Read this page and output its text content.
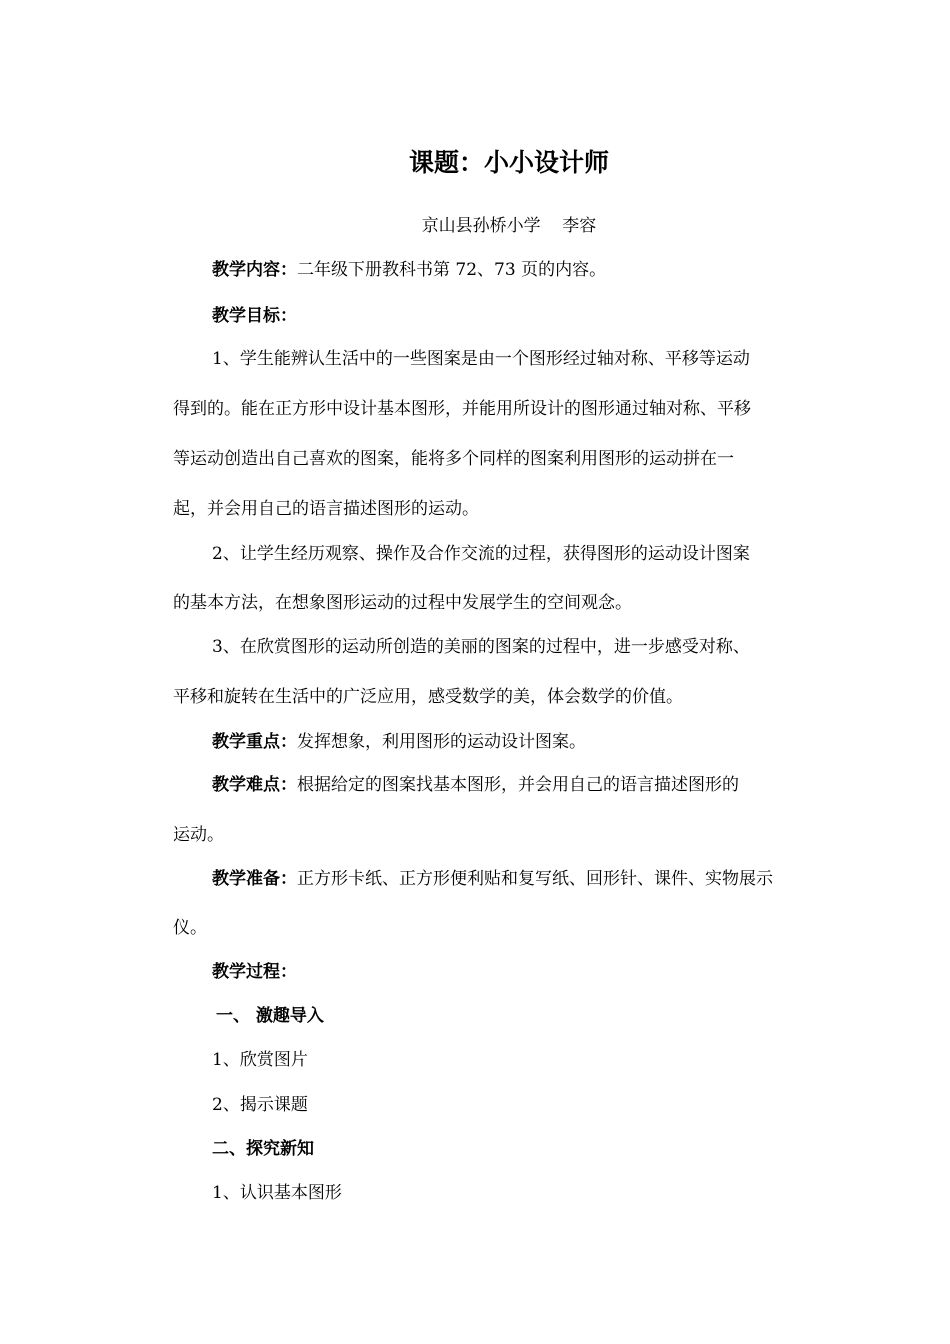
课题：小小设计师
京山县孙桥小学    李容
教学内容：二年级下册教科书第 72、73 页的内容。
教学目标：
1、学生能辨认生活中的一些图案是由一个图形经过轴对称、平移等运动
得到的。能在正方形中设计基本图形，并能用所设计的图形通过轴对称、平移
等运动创造出自己喜欢的图案，能将多个同样的图案利用图形的运动拼在一
起，并会用自己的语言描述图形的运动。
2、让学生经历观察、操作及合作交流的过程，获得图形的运动设计图案
的基本方法，在想象图形运动的过程中发展学生的空间观念。
3、在欣赏图形的运动所创造的美丽的图案的过程中，进一步感受对称、
平移和旋转在生活中的广泛应用，感受数学的美，体会数学的价值。
教学重点：发挥想象，利用图形的运动设计图案。
教学难点：根据给定的图案找基本图形，并会用自己的语言描述图形的
运动。
教学准备：正方形卡纸、正方形便利贴和复写纸、回形针、课件、实物展示
仪。
教学过程：
一、 激趣导入
1、欣赏图片
2、揭示课题
二、探究新知
1、认识基本图形
